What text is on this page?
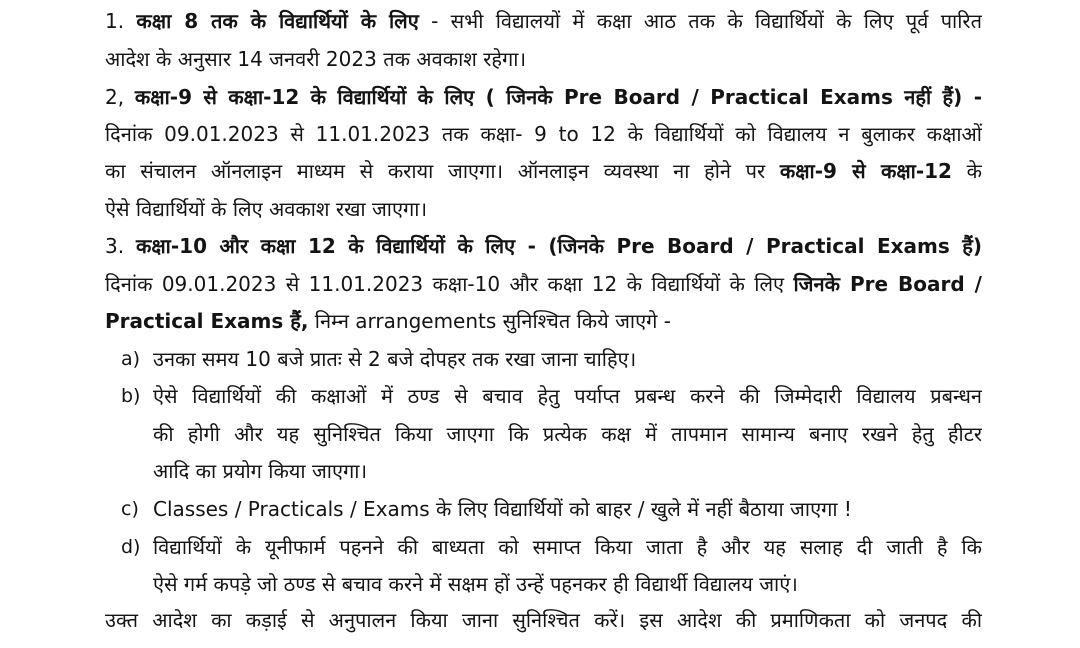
1. कक्षा 8 तक के विद्यार्थियों के लिए - सभी विद्यालयों में कक्षा आठ तक के विद्यार्थियों के लिए पूर्व पारित
आदेश के अनुसार 14 जनवरी 2023 तक अवकाश रहेगा।
2, कक्षा-9 से कक्षा-12 के विद्यार्थियों के लिए ( जिनके Pre Board / Practical Exams नहीं हैं) -
दिनांक 09.01.2023 से 11.01.2023 तक कक्षा- 9 to 12 के विद्यार्थियों को विद्यालय न बुलाकर कक्षाओं
का संचालन ऑनलाइन माध्यम से कराया जाएगा। ऑनलाइन व्यवस्था ना होने पर कक्षा-9 से कक्षा-12 के
ऐसे विद्यार्थियों के लिए अवकाश रखा जाएगा।
3. कक्षा-10 और कक्षा 12 के विद्यार्थियों के लिए - (जिनके Pre Board / Practical Exams हैं)
दिनांक 09.01.2023 से 11.01.2023 कक्षा-10 और कक्षा 12 के विद्यार्थियों के लिए जिनके Pre Board /
Practical Exams हैं, निम्न arrangements सुनिश्चित किये जाएगे -
a) उनका समय 10 बजे प्रातः से 2 बजे दोपहर तक रखा जाना चाहिए।
b) ऐसे विद्यार्थियों की कक्षाओं में ठण्ड से बचाव हेतु पर्याप्त प्रबन्ध करने की जिम्मेदारी विद्यालय प्रबन्धन
की होगी और यह सुनिश्चित किया जाएगा कि प्रत्येक कक्ष में तापमान सामान्य बनाए रखने हेतु हीटर
आदि का प्रयोग किया जाएगा।
c) Classes / Practicals / Exams के लिए विद्यार्थियों को बाहर / खुले में नहीं बैठाया जाएगा !
d) विद्यार्थियों के यूनीफार्म पहनने की बाध्यता को समाप्त किया जाता है और यह सलाह दी जाती है कि
ऐसे गर्म कपड़े जो ठण्ड से बचाव करने में सक्षम हों उन्हें पहनकर ही विद्यार्थी विद्यालय जाएं।
उक्त आदेश का कड़ाई से अनुपालन किया जाना सुनिश्चित करें। इस आदेश की प्रमाणिकता को जनपद की
